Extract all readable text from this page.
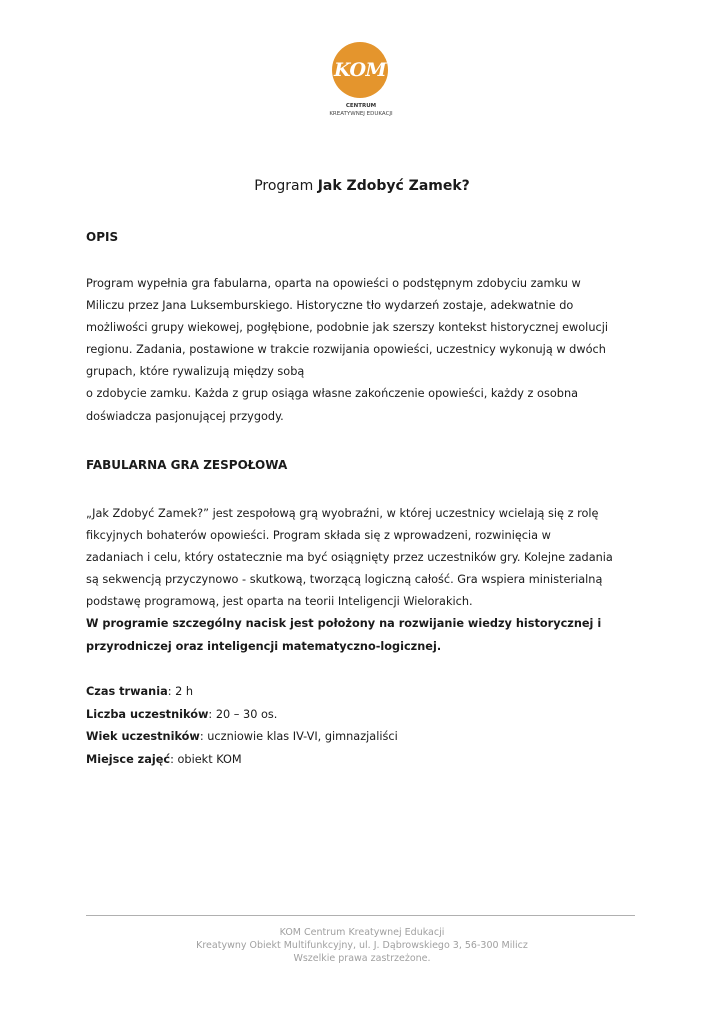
KOM
CENTRUM
KREATYWNEJ EDUKACJI
Program Jak Zdobyć Zamek?
OPIS
Program wypełnia gra fabularna, oparta na opowieści o podstępnym zdobyciu zamku w
Miliczu przez Jana Luksemburskiego. Historyczne tło wydarzeń zostaje, adekwatnie do
możliwości grupy wiekowej, pogłębione, podobnie jak szerszy kontekst historycznej ewolucji
regionu. Zadania, postawione w trakcie rozwijania opowieści, uczestnicy wykonują w dwóch
grupach, które rywalizują między sobą
o zdobycie zamku. Każda z grup osiąga własne zakończenie opowieści, każdy z osobna
doświadcza pasjonującej przygody.
FABULARNA GRA ZESPOŁOWA
„Jak Zdobyć Zamek?” jest zespołową grą wyobraźni, w której uczestnicy wcielają się z rolę
fikcyjnych bohaterów opowieści. Program składa się z wprowadzeni, rozwinięcia w
zadaniach i celu, który ostatecznie ma być osiągnięty przez uczestników gry. Kolejne zadania
są sekwencją przyczynowo - skutkową, tworzącą logiczną całość. Gra wspiera ministerialną
podstawę programową, jest oparta na teorii Inteligencji Wielorakich.
W programie szczególny nacisk jest położony na rozwijanie wiedzy historycznej i
przyrodniczej oraz inteligencji matematyczno-logicznej.
Czas trwania: 2 h
Liczba uczestników: 20 – 30 os.
Wiek uczestników: uczniowie klas IV-VI, gimnazjaliści
Miejsce zajęć: obiekt KOM
KOM Centrum Kreatywnej Edukacji
Kreatywny Obiekt Multifunkcyjny, ul. J. Dąbrowskiego 3, 56-300 Milicz
Wszelkie prawa zastrzeżone.
